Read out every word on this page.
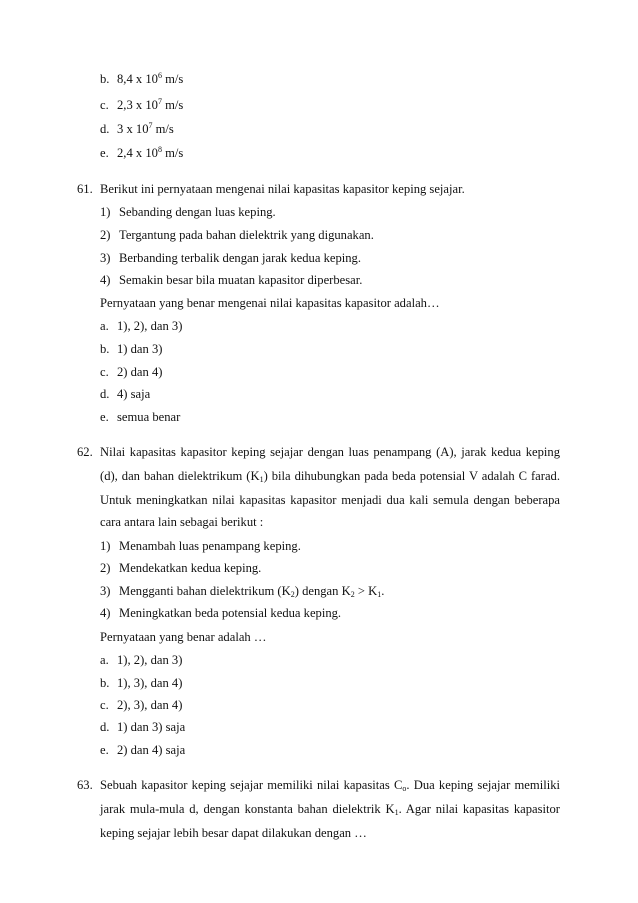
b. 8,4 x $10^6$ m/s
c. 2,3 x $10^7$ m/s
d. 3 x $10^7$ m/s
e. 2,4 x $10^8$ m/s
61. Berikut ini pernyataan mengenai nilai kapasitas kapasitor keping sejajar.
1) Sebanding dengan luas keping.
2) Tergantung pada bahan dielektrik yang digunakan.
3) Berbanding terbalik dengan jarak kedua keping.
4) Semakin besar bila muatan kapasitor diperbesar.
Pernyataan yang benar mengenai nilai kapasitas kapasitor adalah…
a. 1), 2), dan 3)
b. 1) dan 3)
c. 2) dan 4)
d. 4) saja
e. semua benar
62. Nilai kapasitas kapasitor keping sejajar dengan luas penampang (A), jarak kedua keping
(d), dan bahan dielektrikum $(K_1)$ bila dihubungkan pada beda potensial V adalah C farad.
Untuk meningkatkan nilai kapasitas kapasitor menjadi dua kali semula dengan beberapa
cara antara lain sebagai berikut :
1) Menambah luas penampang keping.
2) Mendekatkan kedua keping.
3) Mengganti bahan dielektrikum $(K_2)$ dengan $K_2 > K_1$.
4) Meningkatkan beda potensial kedua keping.
Pernyataan yang benar adalah …
a. 1), 2), dan 3)
b. 1), 3), dan 4)
c. 2), 3), dan 4)
d. 1) dan 3) saja
e. 2) dan 4) saja
63. Sebuah kapasitor keping sejajar memiliki nilai kapasitas $C_o$. Dua keping sejajar memiliki
jarak mula-mula d, dengan konstanta bahan dielektrik $K_1$. Agar nilai kapasitas kapasitor
keping sejajar lebih besar dapat dilakukan dengan …
